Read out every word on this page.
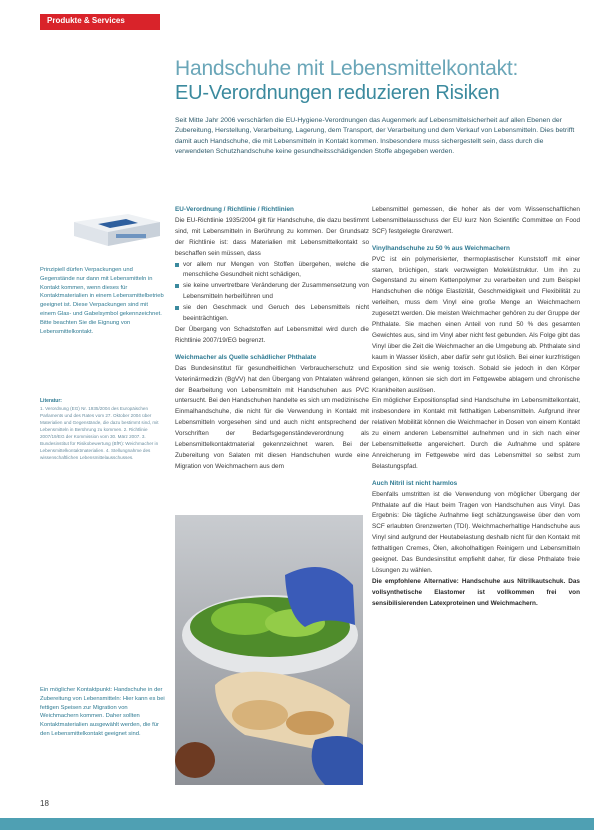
Produkte & Services
Handschuhe mit Lebensmittelkontakt:
EU-Verordnungen reduzieren Risiken
Seit Mitte Jahr 2006 verschärfen die EU-Hygiene-Verordnungen das Augenmerk auf Lebensmittelsicherheit auf allen Ebenen der Zubereitung, Herstellung, Verarbeitung, Lagerung, dem Transport, der Verarbeitung und dem Verkauf von Lebensmitteln. Dies betrifft damit auch Handschuhe, die mit Lebensmitteln in Kontakt kommen. Insbesondere muss sichergestellt sein, dass durch die verwendeten Schutzhandschuhe keine gesundheitsschädigenden Stoffe abgegeben werden.
Prinzipiell dürfen Verpackungen und Gegenstände nur dann mit Lebensmitteln in Kontakt kommen, wenn dieses für Kontaktmaterialien in einem Lebensmittelbetrieb geeignet ist. Diese Verpackungen sind mit einem Glas- und Gabelsymbol gekennzeichnet. Bitte beachten Sie die Eignung von Lebensmittelkontakt.
Literatur:
1. Verordnung (EG) Nr. 1935/2004 des Europäischen Parlaments und des Rates vom 27. Oktober 2004 über Materialien und Gegenstände, die dazu bestimmt sind, mit Lebensmitteln in Berührung zu kommen. 2. Richtlinie 2007/19/EG der Kommission vom 30. März 2007. 3. Bundesinstitut für Risikobewertung (BfR): Weichmacher in Lebensmittelkontaktmaterialien. 4. Stellungnahme des wissenschaftlichen Lebensmittelausschusses.
Ein möglicher Kontaktpunkt: Handschuhe in der Zubereitung von Lebensmitteln: Hier kann es bei fettigen Speisen zur Migration von Weichmachern kommen. Daher sollten Kontaktmaterialien ausgewählt werden, die für den Lebensmittelkontakt geeignet sind.
EU-Verordnung / Richtlinie / Richtlinien
Die EU-Richtlinie 1935/2004 gilt für Handschuhe, die dazu bestimmt sind, mit Lebensmitteln in Berührung zu kommen. Der Grundsatz der Richtlinie ist: dass Materialien mit Lebensmittelkontakt so beschaffen sein müssen, dass
vor allem nur Mengen von Stoffen übergehen, welche die menschliche Gesundheit nicht schädigen,
sie keine unvertretbare Veränderung der Zusammensetzung von Lebensmitteln herbeiführen und
sie den Geschmack und Geruch des Lebensmittels nicht beeinträchtigen.
Der Übergang von Schadstoffen auf Lebensmittel wird durch die Richtlinie 2007/19/EG begrenzt.
Weichmacher als Quelle schädlicher Phthalate
Das Bundesinstitut für gesundheitlichen Verbraucherschutz und Veterinärmedizin (BgVV) hat den Übergang von Phtalaten während der Bearbeitung von Lebensmitteln mit Handschuhen aus PVC untersucht. Bei den Handschuhen handelte es sich um medizinische Einmalhandschuhe, die nicht für die Verwendung in Kontakt mit Lebensmitteln vorgesehen sind und auch nicht entsprechend der Vorschriften der Bedarfsgegenständeverordnung als Lebensmittelkontaktmaterial gekennzeichnet waren. Bei der Zubereitung von Salaten mit diesen Handschuhen wurde eine Migration von Weichmachern aus dem
Lebensmittel gemessen, die hoher als der vom Wissenschaftlichen Lebensmittelausschuss der EU kurz Non Scientific Committee on Food SCF) festgelegte Grenzwert.
Vinylhandschuhe zu 50 % aus Weichmachern
PVC ist ein polymerisierter, thermoplastischer Kunststoff mit einer starren, brüchigen, stark verzweigten Molekülstruktur. Um ihn zu Gegenstand zu einem Kettenpolymer zu verarbeiten und zum Beispiel Handschuhen die nötige Elastizität, Geschmeidigkeit und Flexibilität zu verleihen, muss dem Vinyl eine große Menge an Weichmachern zugesetzt werden. Die meisten Weichmacher gehören zu der Gruppe der Phthalate. Sie machen einen Anteil von rund 50 % des gesamten Gewichtes aus, sind im Vinyl aber nicht fest gebunden. Als Folge gibt das Vinyl über die Zeit die Weichmacher an die Umgebung ab. Phthalate sind kaum in Wasser löslich, aber dafür sehr gut löslich. Bei einer kurzfristigen Exposition sind sie wenig toxisch. Sobald sie jedoch in den Körper gelangen, können sie sich dort im Fettgewebe ablagern und chronische Krankheiten auslösen.
Ein möglicher Expositionspfad sind Handschuhe im Lebensmittelkontakt, insbesondere im Kontakt mit fetthaltigen Lebensmitteln. Aufgrund ihrer relativen Mobilität können die Weichmacher in Dosen von einem Kontakt zu einem anderen Lebensmittel aufnehmen und in sich nach einer Lebensmittelkette angereichert. Durch die Aufnahme und spätere Anreicherung im Fettgewebe wird das Lebensmittel so selbst zum Belastungspfad.
Auch Nitril ist nicht harmlos
Ebenfalls umstritten ist die Verwendung von möglicher Übergang der Phthalate auf die Haut beim Tragen von Handschuhen aus Vinyl. Das Ergebnis: Die tägliche Aufnahme liegt schätzungsweise über den vom SCF erlaubten Grenzwerten (TDI). Weichmacherhaltige Handschuhe aus Vinyl sind aufgrund der Heutabelastung deshalb nicht für den Kontakt mit fetthaltigen Cremes, Ölen, alkoholhaltigen Reinigern und Lebensmitteln geeignet. Das Bundesinstitut empfiehlt daher, für diese Phthalate freie Lösungen zu wählen.
Die empfohlene Alternative: Handschuhe aus Nitrilkautschuk. Das vollsynthetische Elastomer ist vollkommen frei von sensibilisierenden Latexproteinen und Weichmachern.
18
